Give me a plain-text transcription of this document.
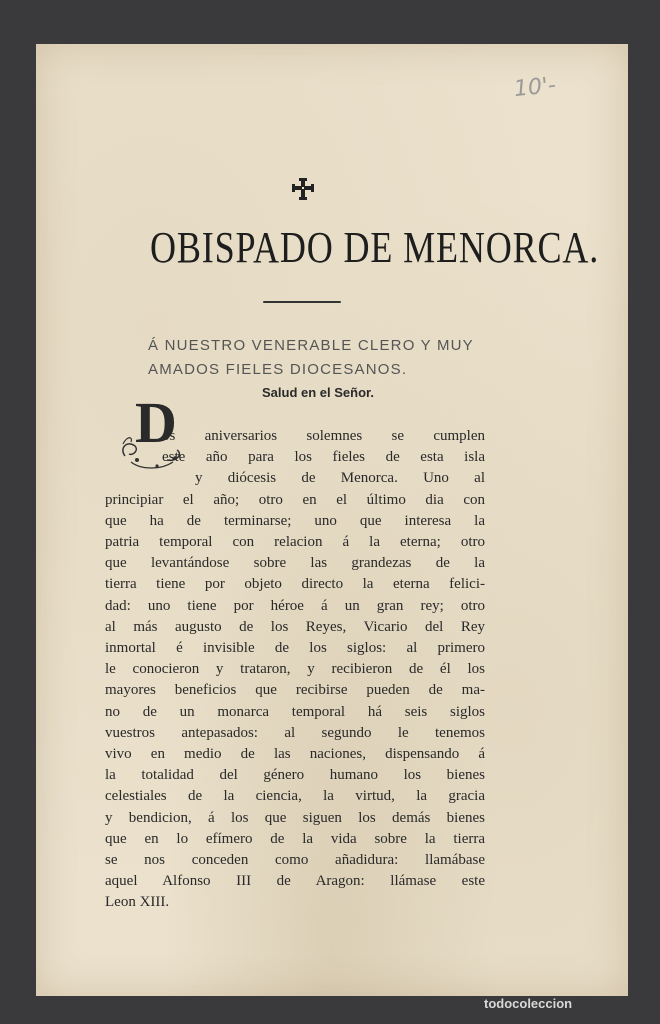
10'-
OBISPADO DE MENORCA.
Á NUESTRO VENERABLE CLERO Y MUY
AMADOS FIELES DIOCESANOS.
Salud en el Señor.
D
os aniversarios solemnes se cumplen
este año para los fieles de esta isla
y diócesis de Menorca. Uno al
principiar el año; otro en el último dia con
que ha de terminarse; uno que interesa la
patria temporal con relacion á la eterna; otro
que levantándose sobre las grandezas de la
tierra tiene por objeto directo la eterna felici-
dad: uno tiene por héroe á un gran rey; otro
al más augusto de los Reyes, Vicario del Rey
inmortal é invisible de los siglos: al primero
le conocieron y trataron, y recibieron de él los
mayores beneficios que recibirse pueden de ma-
no de un monarca temporal há seis siglos
vuestros antepasados: al segundo le tenemos
vivo en medio de las naciones, dispensando á
la totalidad del género humano los bienes
celestiales de la ciencia, la virtud, la gracia
y bendicion, á los que siguen los demás bienes
que en lo efímero de la vida sobre la tierra
se nos conceden como añadidura: llamábase
aquel Alfonso III de Aragon: llámase este
Leon XIII.
todocoleccion
